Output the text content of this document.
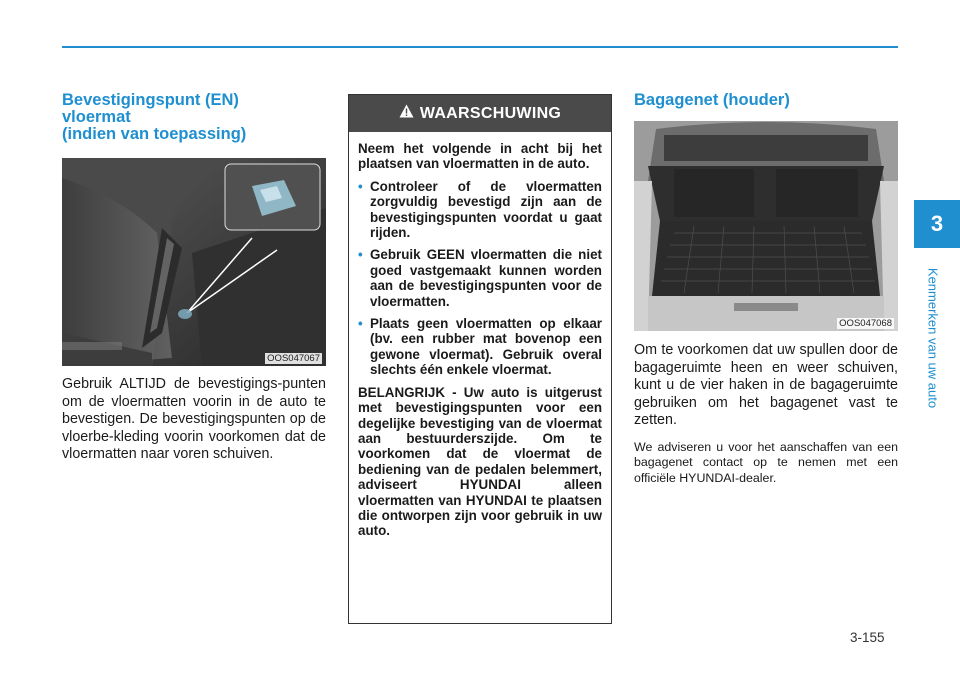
3
Kenmerken van uw auto
Bevestigingspunt (EN)
vloermat
(indien van toepassing)
OOS047067

Gebruik ALTIJD de bevestigings-punten om de vloermatten voorin in de auto te bevestigen. De bevestigingspunten op de vloerbe-kleding voorin voorkomen dat de vloermatten naar voren schuiven.

WAARSCHUWING

Neem het volgende in acht bij het plaatsen van vloermatten in de auto.

• Controleer of de vloermatten zorgvuldig bevestigd zijn aan de bevestigingspunten voordat u gaat rijden.
• Gebruik GEEN vloermatten die niet goed vastgemaakt kunnen worden aan de bevestigingspunten voor de vloermatten.
• Plaats geen vloermatten op elkaar (bv. een rubber mat bovenop een gewone vloermat). Gebruik overal slechts één enkele vloermat.

BELANGRIJK - Uw auto is uitgerust met bevestigingspunten voor een degelijke bevestiging van de vloermat aan bestuurderszijde. Om te voorkomen dat de vloermat de bediening van de pedalen belemmert, adviseert HYUNDAI alleen vloermatten van HYUNDAI te plaatsen die ontworpen zijn voor gebruik in uw auto.

Bagagenet (houder)
OOS047068

Om te voorkomen dat uw spullen door de bagageruimte heen en weer schuiven, kunt u de vier haken in de bagageruimte gebruiken om het bagagenet vast te zetten.

We adviseren u voor het aanschaffen van een bagagenet contact op te nemen met een officiële HYUNDAI-dealer.

3-155
